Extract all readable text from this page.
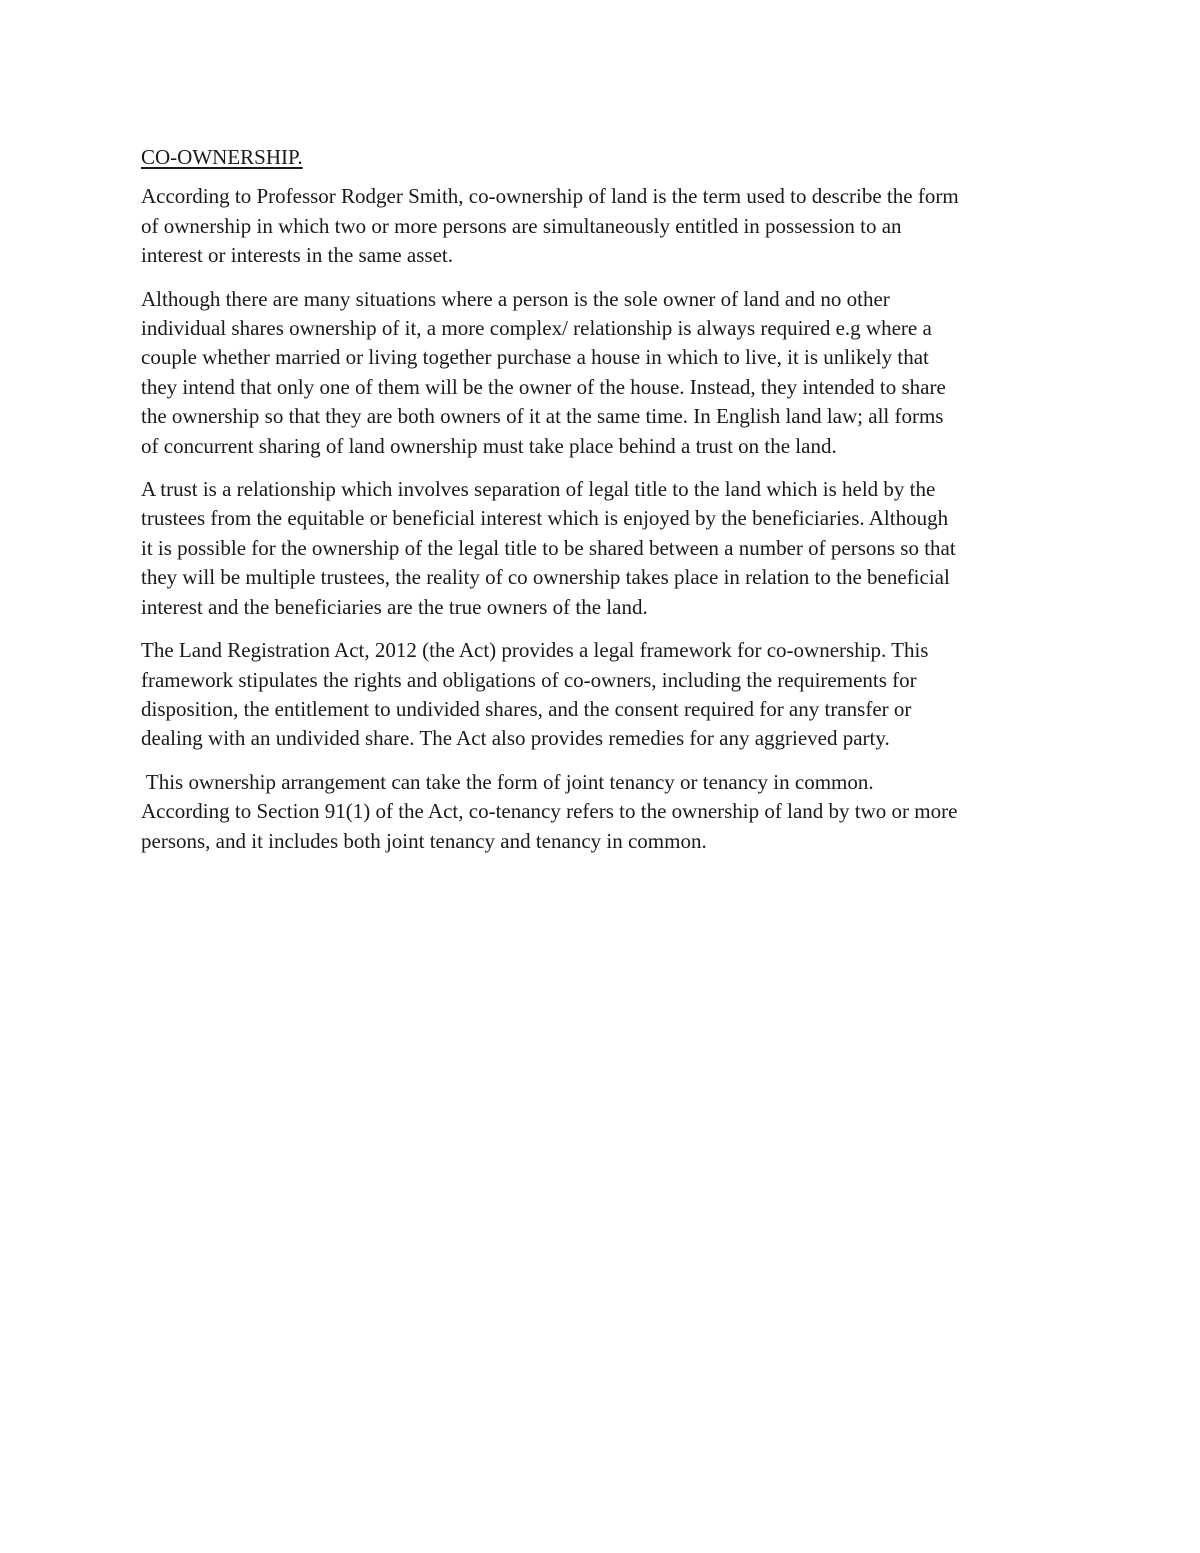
CO-OWNERSHIP.

According to Professor Rodger Smith, co-ownership of land is the term used to describe the form
of ownership in which two or more persons are simultaneously entitled in possession to an
interest or interests in the same asset.

Although there are many situations where a person is the sole owner of land and no other
individual shares ownership of it, a more complex/ relationship is always required e.g where a
couple whether married or living together purchase a house in which to live, it is unlikely that
they intend that only one of them will be the owner of the house. Instead, they intended to share
the ownership so that they are both owners of it at the same time. In English land law; all forms
of concurrent sharing of land ownership must take place behind a trust on the land.

A trust is a relationship which involves separation of legal title to the land which is held by the
trustees from the equitable or beneficial interest which is enjoyed by the beneficiaries. Although
it is possible for the ownership of the legal title to be shared between a number of persons so that
they will be multiple trustees, the reality of co ownership takes place in relation to the beneficial
interest and the beneficiaries are the true owners of the land.

The Land Registration Act, 2012 (the Act) provides a legal framework for co-ownership. This
framework stipulates the rights and obligations of co-owners, including the requirements for
disposition, the entitlement to undivided shares, and the consent required for any transfer or
dealing with an undivided share. The Act also provides remedies for any aggrieved party.

This ownership arrangement can take the form of joint tenancy or tenancy in common.
According to Section 91(1) of the Act, co-tenancy refers to the ownership of land by two or more
persons, and it includes both joint tenancy and tenancy in common.
